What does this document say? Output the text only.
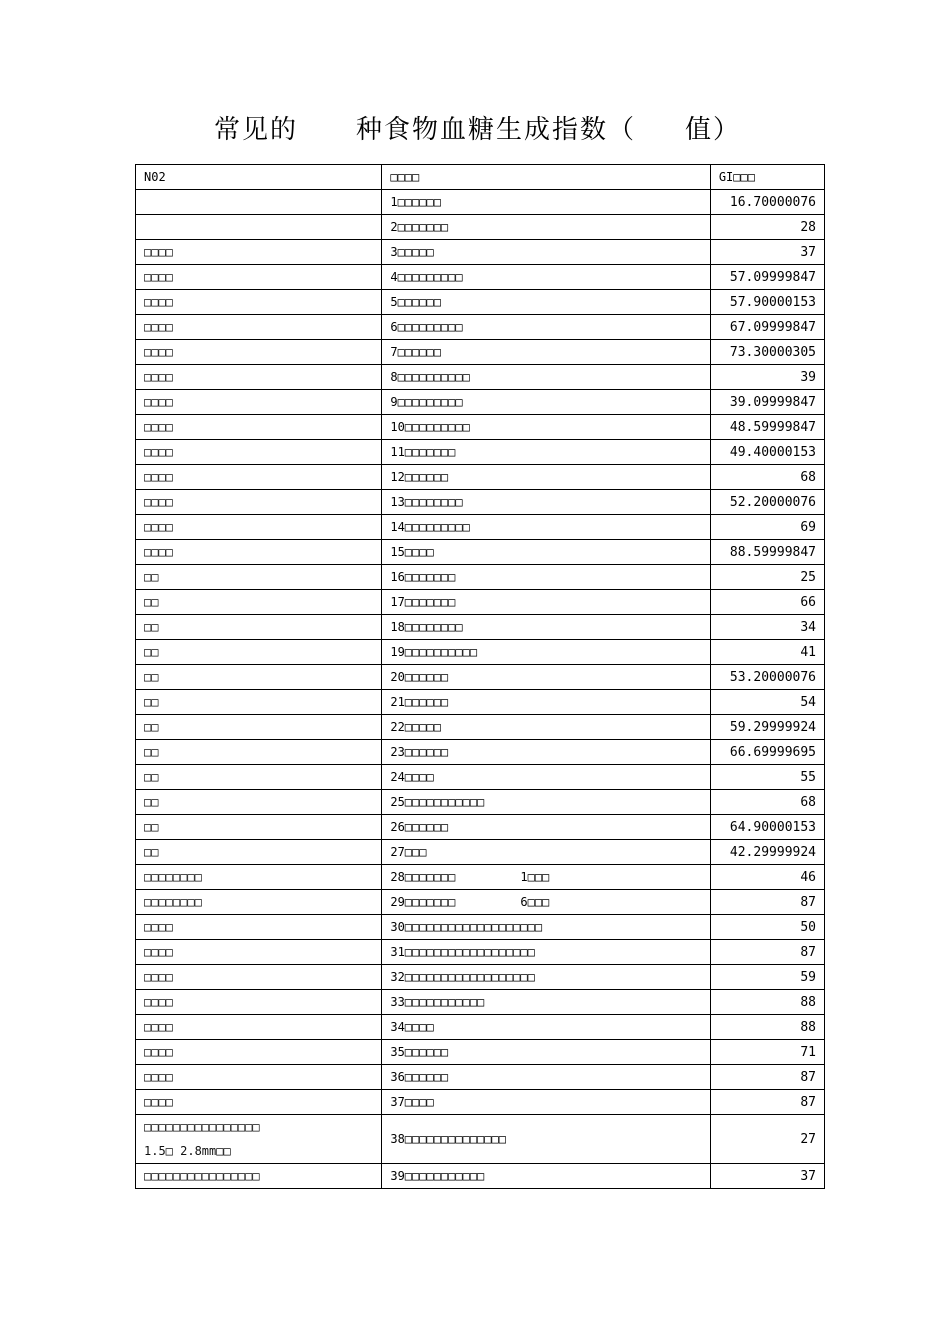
常见的 种食物血糖生成指数（ 值）
N02	□□□□	GI□□□
	1□□□□□□	16.70000076
	2□□□□□□□	28
□□□□	3□□□□□	37
□□□□	4□□□□□□□□□	57.09999847
□□□□	5□□□□□□	57.90000153
□□□□	6□□□□□□□□□	67.09999847
□□□□	7□□□□□□	73.30000305
□□□□	8□□□□□□□□□□	39
□□□□	9□□□□□□□□□	39.09999847
□□□□	10□□□□□□□□□	48.59999847
□□□□	11□□□□□□□	49.40000153
□□□□	12□□□□□□	68
□□□□	13□□□□□□□□	52.20000076
□□□□	14□□□□□□□□□	69
□□□□	15□□□□	88.59999847
□□	16□□□□□□□	25
□□	17□□□□□□□	66
□□	18□□□□□□□□	34
□□	19□□□□□□□□□□	41
□□	20□□□□□□	53.20000076
□□	21□□□□□□	54
□□	22□□□□□	59.29999924
□□	23□□□□□□	66.69999695
□□	24□□□□	55
□□	25□□□□□□□□□□□	68
□□	26□□□□□□	64.90000153
□□	27□□□	42.29999924
□□□□□□□□	28□□□□□□□         1□□□	46
□□□□□□□□	29□□□□□□□         6□□□	87
□□□□	30□□□□□□□□□□□□□□□□□□□	50
□□□□	31□□□□□□□□□□□□□□□□□□	87
□□□□	32□□□□□□□□□□□□□□□□□□	59
□□□□	33□□□□□□□□□□□	88
□□□□	34□□□□	88
□□□□	35□□□□□□	71
□□□□	36□□□□□□	87
□□□□	37□□□□	87

□□□□□□□□□□□□□□□□
1.5□ 2.8mm□□	38□□□□□□□□□□□□□□	27
□□□□□□□□□□□□□□□□	39□□□□□□□□□□□	37
